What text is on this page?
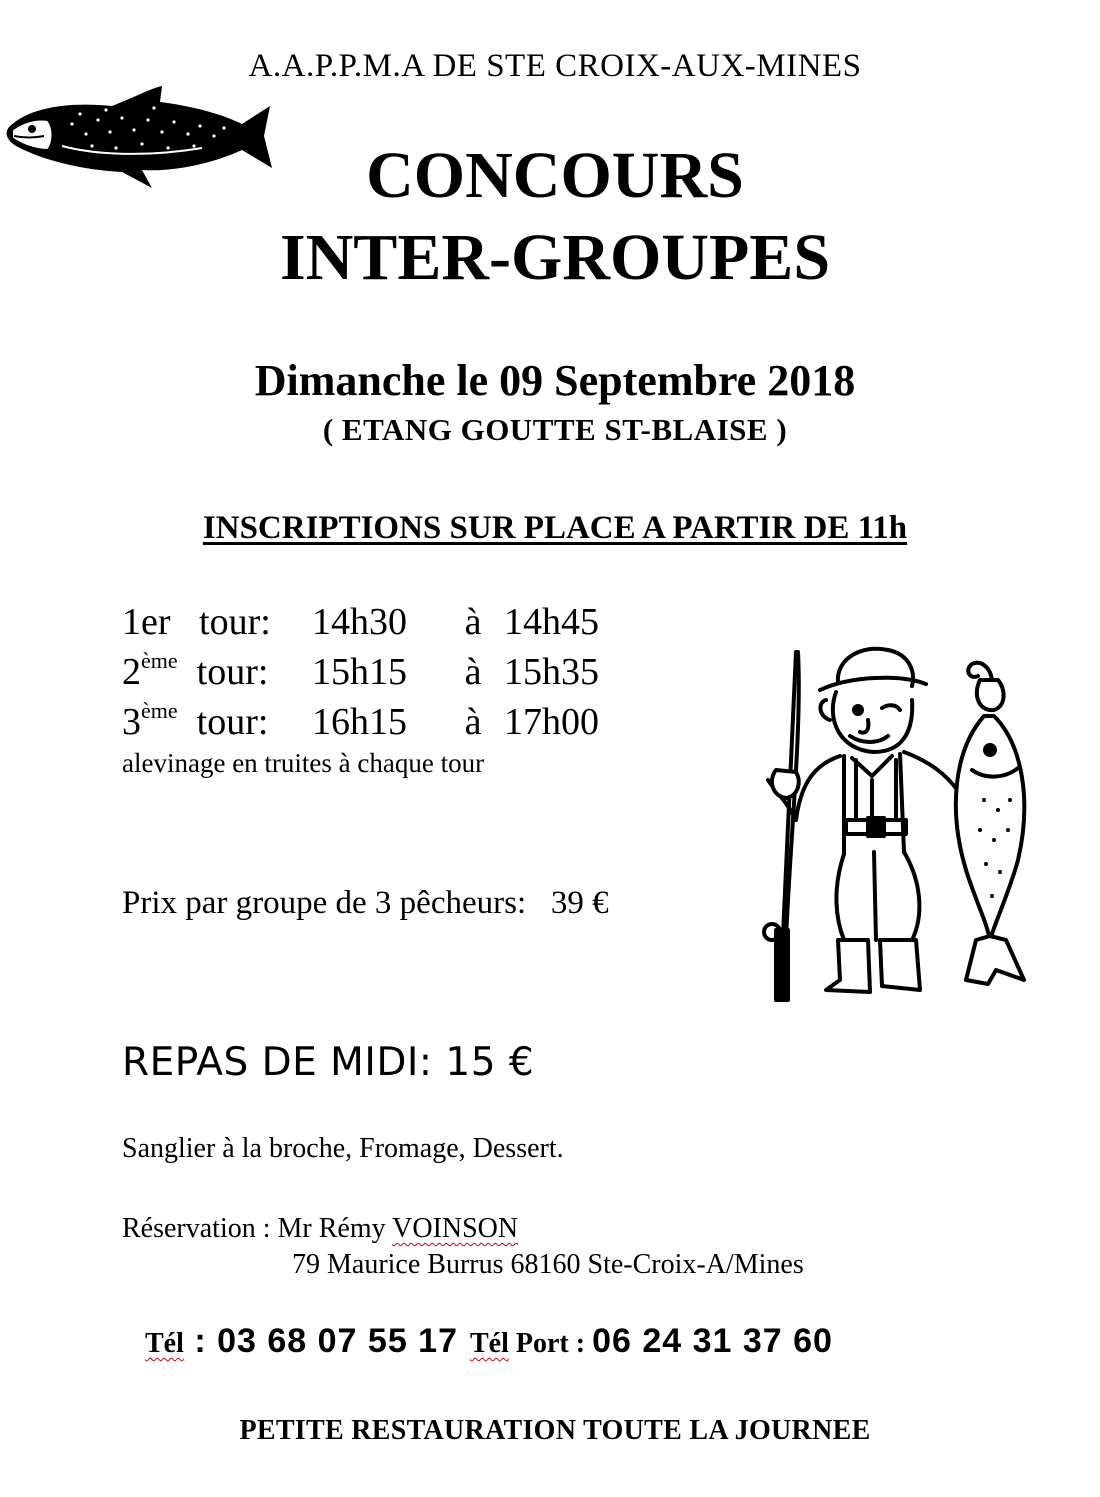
A.A.P.P.M.A DE STE CROIX-AUX-MINES
CONCOURS
INTER-GROUPES
Dimanche le 09 Septembre 2018
( ETANG GOUTTE ST-BLAISE )
INSCRIPTIONS SUR PLACE A PARTIR DE 11h
1er tour: 14h30 à 14h45
2ème tour: 15h15 à 15h35
3ème tour: 16h15 à 17h00
alevinage en truites à chaque tour
Prix par groupe de 3 pêcheurs: 39 €
REPAS DE MIDI: 15 €
Sanglier à la broche, Fromage, Dessert.
Réservation : Mr Rémy VOINSON
79 Maurice Burrus 68160 Ste-Croix-A/Mines
Tél : 03 68 07 55 17 Tél Port : 06 24 31 37 60
PETITE RESTAURATION TOUTE LA JOURNEE
